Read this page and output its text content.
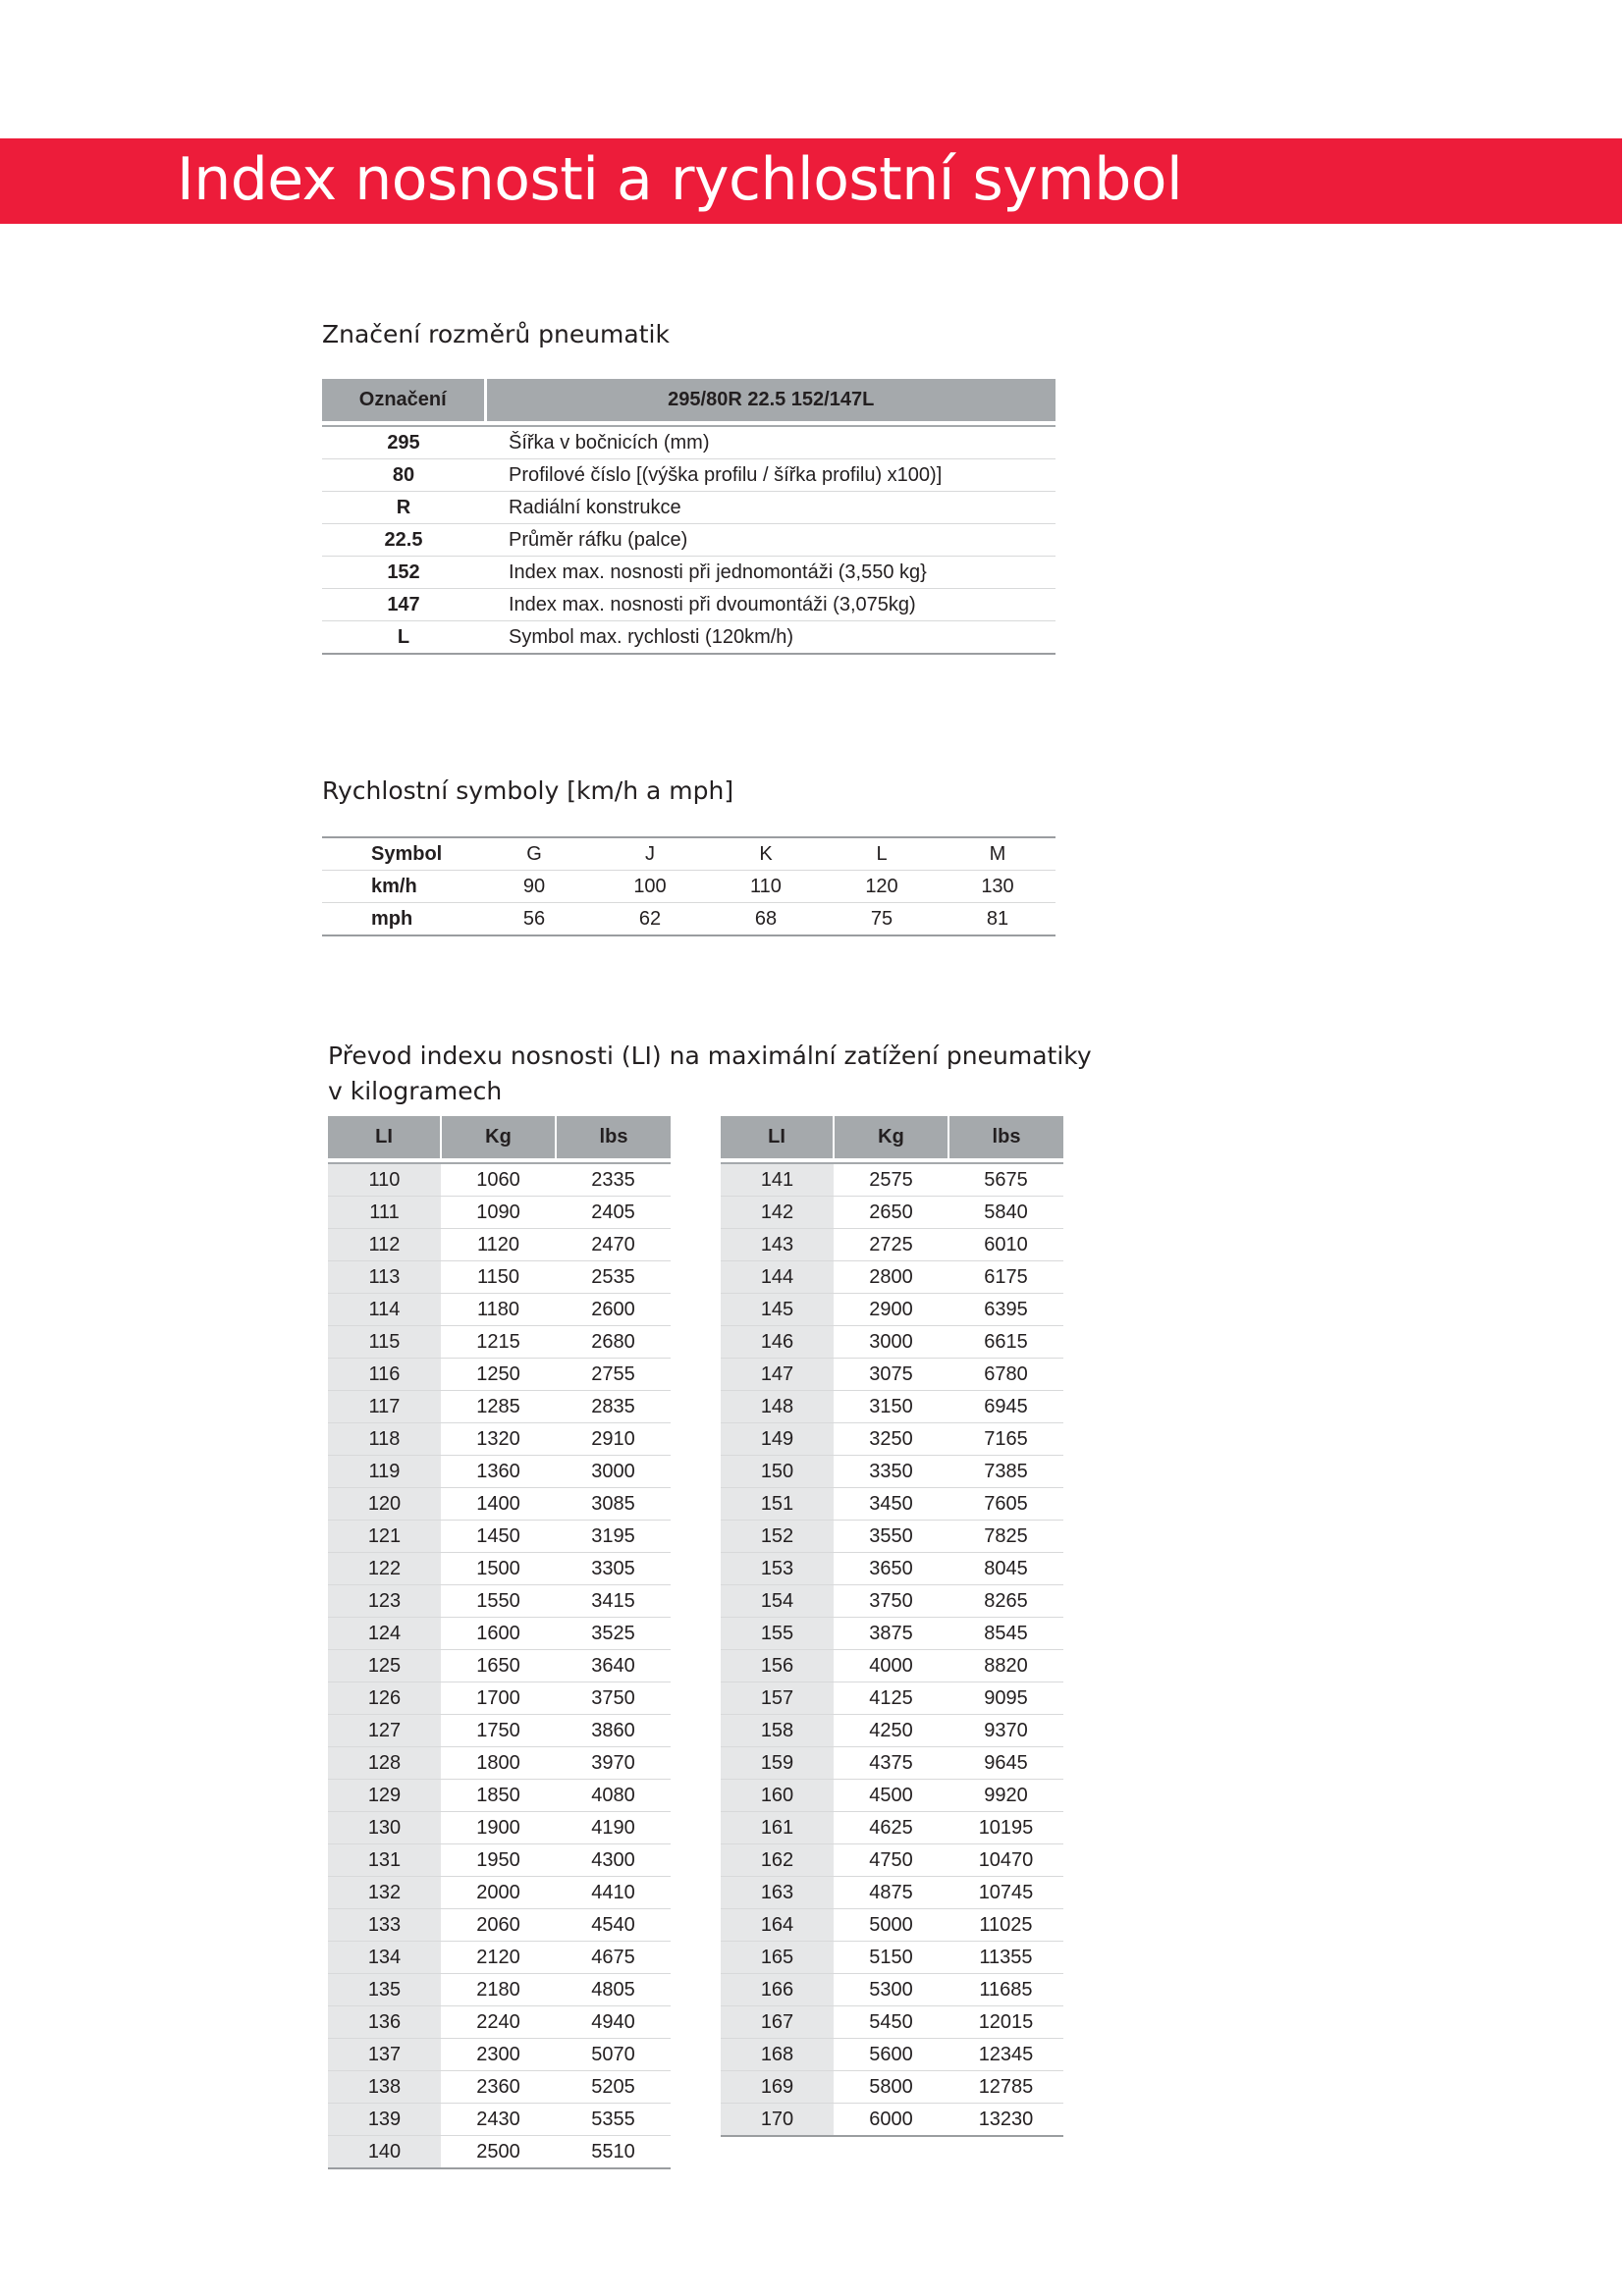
Index nosnosti a rychlostní symbol
Značení rozměrů pneumatik
Označení	295/80R 22.5 152/147L

295	Šířka v bočnicích (mm)
80	Profilové číslo [(výška profilu / šířka profilu) x100)]
R	Radiální konstrukce
22.5	Průměr ráfku (palce)
152	Index max. nosnosti při jednomontáži (3,550 kg}
147	Index max. nosnosti při dvoumontáži (3,075kg)
L	Symbol max. rychlosti (120km/h)
Rychlostní symboly [km/h a mph]
Symbol	G	J	K	L	M
km/h	90	100	110	120	130
mph	56	62	68	75	81
Převod indexu nosnosti (LI) na maximální zatížení pneumatiky
v kilogramech
LI	Kg	lbs

110	1060	2335
111	1090	2405
112	1120	2470
113	1150	2535
114	1180	2600
115	1215	2680
116	1250	2755
117	1285	2835
118	1320	2910
119	1360	3000
120	1400	3085
121	1450	3195
122	1500	3305
123	1550	3415
124	1600	3525
125	1650	3640
126	1700	3750
127	1750	3860
128	1800	3970
129	1850	4080
130	1900	4190
131	1950	4300
132	2000	4410
133	2060	4540
134	2120	4675
135	2180	4805
136	2240	4940
137	2300	5070
138	2360	5205
139	2430	5355
140	2500	5510
LI	Kg	lbs

141	2575	5675
142	2650	5840
143	2725	6010
144	2800	6175
145	2900	6395
146	3000	6615
147	3075	6780
148	3150	6945
149	3250	7165
150	3350	7385
151	3450	7605
152	3550	7825
153	3650	8045
154	3750	8265
155	3875	8545
156	4000	8820
157	4125	9095
158	4250	9370
159	4375	9645
160	4500	9920
161	4625	10195
162	4750	10470
163	4875	10745
164	5000	11025
165	5150	11355
166	5300	11685
167	5450	12015
168	5600	12345
169	5800	12785
170	6000	13230
